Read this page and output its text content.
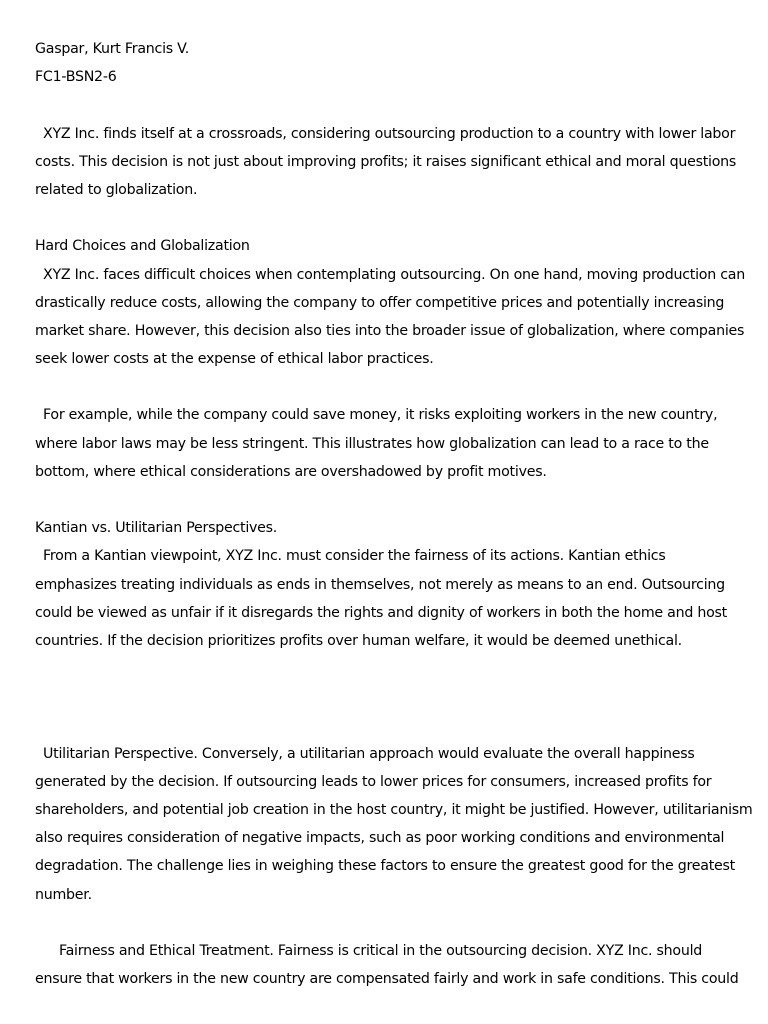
Gaspar, Kurt Francis V.
FC1-BSN2-6
XYZ Inc. finds itself at a crossroads, considering outsourcing production to a country with lower labor
costs. This decision is not just about improving profits; it raises significant ethical and moral questions
related to globalization.
Hard Choices and Globalization
XYZ Inc. faces difficult choices when contemplating outsourcing. On one hand, moving production can
drastically reduce costs, allowing the company to offer competitive prices and potentially increasing
market share. However, this decision also ties into the broader issue of globalization, where companies
seek lower costs at the expense of ethical labor practices.
For example, while the company could save money, it risks exploiting workers in the new country,
where labor laws may be less stringent. This illustrates how globalization can lead to a race to the
bottom, where ethical considerations are overshadowed by profit motives.
Kantian vs. Utilitarian Perspectives.
From a Kantian viewpoint, XYZ Inc. must consider the fairness of its actions. Kantian ethics
emphasizes treating individuals as ends in themselves, not merely as means to an end. Outsourcing
could be viewed as unfair if it disregards the rights and dignity of workers in both the home and host
countries. If the decision prioritizes profits over human welfare, it would be deemed unethical.
Utilitarian Perspective. Conversely, a utilitarian approach would evaluate the overall happiness
generated by the decision. If outsourcing leads to lower prices for consumers, increased profits for
shareholders, and potential job creation in the host country, it might be justified. However, utilitarianism
also requires consideration of negative impacts, such as poor working conditions and environmental
degradation. The challenge lies in weighing these factors to ensure the greatest good for the greatest
number.
Fairness and Ethical Treatment. Fairness is critical in the outsourcing decision. XYZ Inc. should
ensure that workers in the new country are compensated fairly and work in safe conditions. This could
